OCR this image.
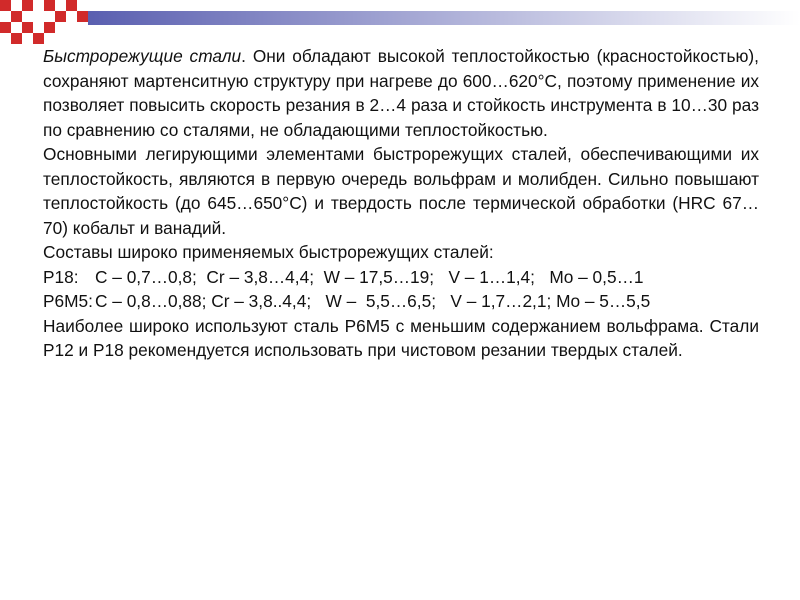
Быстрорежущие стали. Они обладают высокой теплостойкостью (красностойкостью), сохраняют мартенситную структуру при нагреве до 600…620°С, поэтому применение их позволяет повысить скорость резания в 2…4 раза и стойкость инструмента в 10…30 раз по сравнению со сталями, не обладающими теплостойкостью.

Основными легирующими элементами быстрорежущих сталей, обеспечивающими их теплостойкость, являются в первую очередь вольфрам и молибден. Сильно повышают теплостойкость (до 645…650°С) и твердость после термической обработки (HRC 67…70) кобальт и ванадий.

Составы широко применяемых быстрорежущих сталей:

Р18: С – 0,7…0,8;  Cr – 3,8…4,4;  W – 17,5…19;   V – 1…1,4;   Mo – 0,5…1
Р6М5: С – 0,8…0,88; Cr – 3,8..4,4;   W –  5,5…6,5;   V – 1,7…2,1; Mo – 5…5,5

Наиболее широко используют сталь Р6М5 с меньшим содержанием вольфрама. Стали Р12 и Р18 рекомендуется использовать при чистовом резании твердых сталей.
